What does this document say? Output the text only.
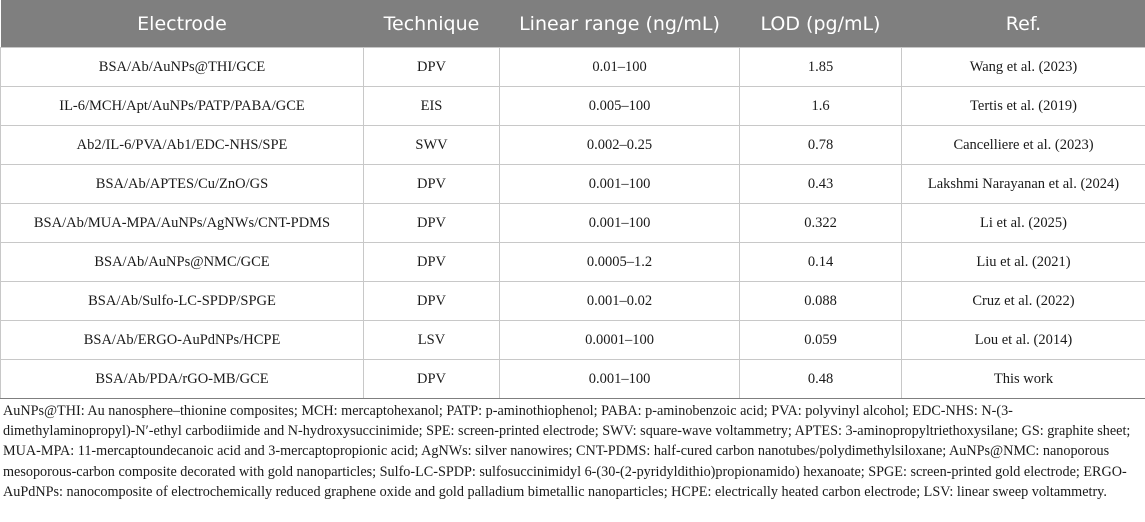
Electrode	Technique	Linear range (ng/mL)	LOD (pg/mL)	Ref.
BSA/Ab/AuNPs@THI/GCE	DPV	0.01–100	1.85	Wang et al. (2023)
IL-6/MCH/Apt/AuNPs/PATP/PABA/GCE	EIS	0.005–100	1.6	Tertis et al. (2019)
Ab2/IL-6/PVA/Ab1/EDC-NHS/SPE	SWV	0.002–0.25	0.78	Cancelliere et al. (2023)
BSA/Ab/APTES/Cu/ZnO/GS	DPV	0.001–100	0.43	Lakshmi Narayanan et al. (2024)
BSA/Ab/MUA-MPA/AuNPs/AgNWs/CNT-PDMS	DPV	0.001–100	0.322	Li et al. (2025)
BSA/Ab/AuNPs@NMC/GCE	DPV	0.0005–1.2	0.14	Liu et al. (2021)
BSA/Ab/Sulfo-LC-SPDP/SPGE	DPV	0.001–0.02	0.088	Cruz et al. (2022)
BSA/Ab/ERGO-AuPdNPs/HCPE	LSV	0.0001–100	0.059	Lou et al. (2014)
BSA/Ab/PDA/rGO-MB/GCE	DPV	0.001–100	0.48	This work
AuNPs@THI: Au nanosphere–thionine composites; MCH: mercaptohexanol; PATP: p-aminothiophenol; PABA: p-aminobenzoic acid; PVA: polyvinyl alcohol; EDC-NHS: N-(3-dimethylaminopropyl)-N′-ethyl carbodiimide and N-hydroxysuccinimide; SPE: screen-printed electrode; SWV: square-wave voltammetry; APTES: 3-aminopropyltriethoxysilane; GS: graphite sheet; MUA-MPA: 11-mercaptoundecanoic acid and 3-mercaptopropionic acid; AgNWs: silver nanowires; CNT-PDMS: half-cured carbon nanotubes/polydimethylsiloxane; AuNPs@NMC: nanoporous mesoporous-carbon composite decorated with gold nanoparticles; Sulfo-LC-SPDP: sulfosuccinimidyl 6-(30-(2-pyridyldithio)propionamido) hexanoate; SPGE: screen-printed gold electrode; ERGO-AuPdNPs: nanocomposite of electrochemically reduced graphene oxide and gold palladium bimetallic nanoparticles; HCPE: electrically heated carbon electrode; LSV: linear sweep voltammetry.
